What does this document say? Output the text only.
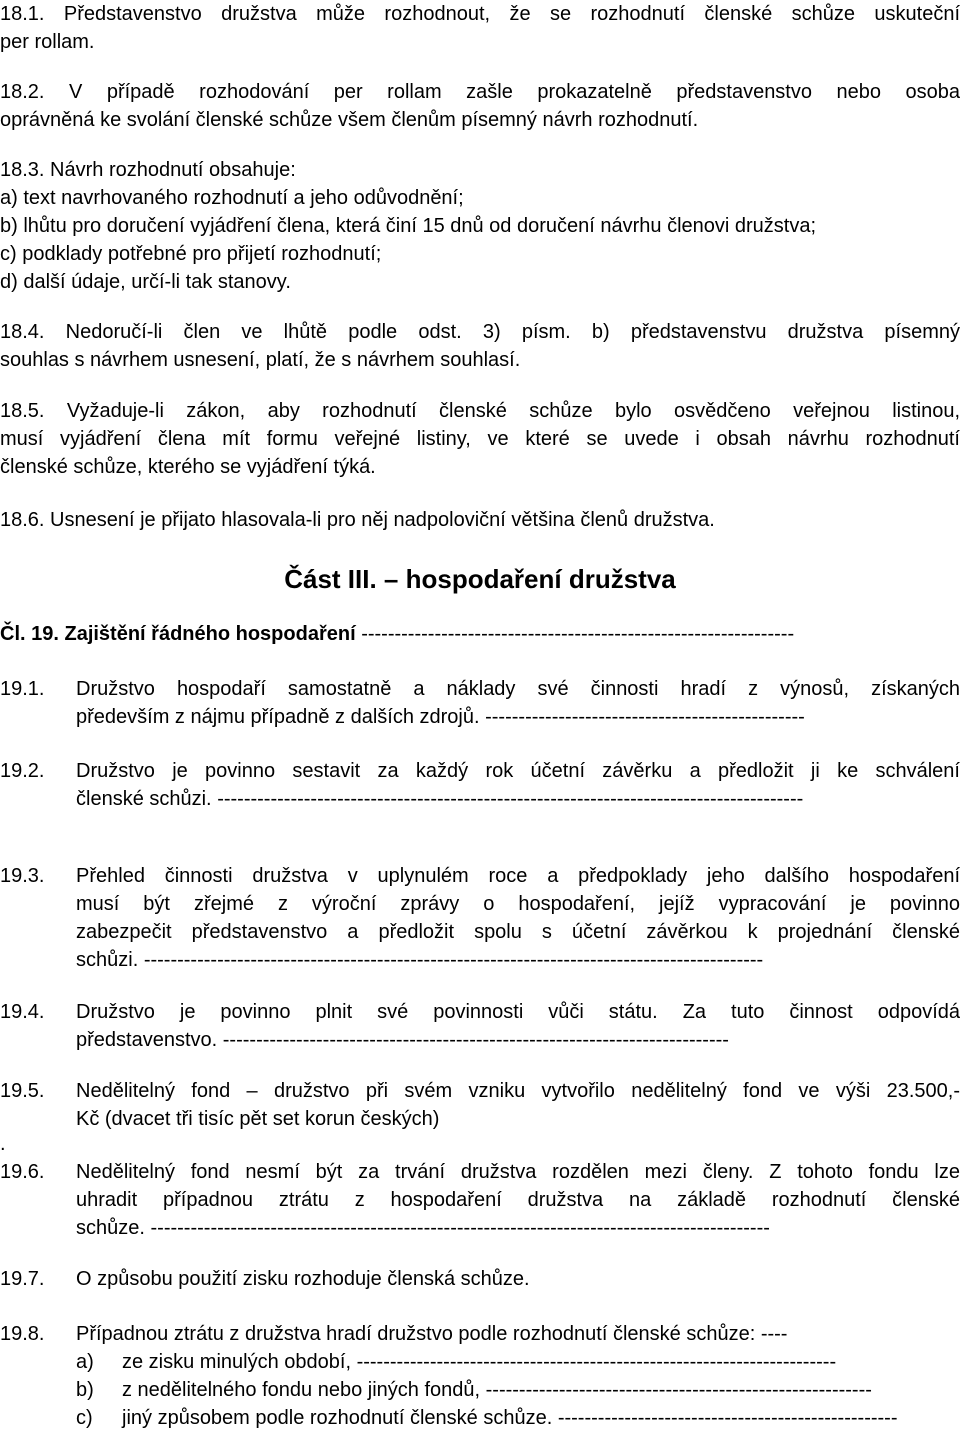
18.1. Představenstvo družstva může rozhodnout, že se rozhodnutí členské schůze uskuteční
per rollam.
18.2. V případě rozhodování per rollam zašle prokazatelně představenstvo nebo osoba
oprávněná ke svolání členské schůze všem členům písemný návrh rozhodnutí.
18.3. Návrh rozhodnutí obsahuje:
a) text navrhovaného rozhodnutí a jeho odůvodnění;
b) lhůtu pro doručení vyjádření člena, která činí 15 dnů od doručení návrhu členovi družstva;
c) podklady potřebné pro přijetí rozhodnutí;
d) další údaje, určí-li tak stanovy.
18.4. Nedoručí-li člen ve lhůtě podle odst. 3) písm. b) představenstvu družstva písemný
souhlas s návrhem usnesení, platí, že s návrhem souhlasí.
18.5. Vyžaduje-li zákon, aby rozhodnutí členské schůze bylo osvědčeno veřejnou listinou,
musí vyjádření člena mít formu veřejné listiny, ve které se uvede i obsah návrhu rozhodnutí
členské schůze, kterého se vyjádření týká.
18.6. Usnesení je přijato hlasovala-li pro něj nadpoloviční většina členů družstva.
Část III. – hospodaření družstva
Čl. 19. Zajištění řádného hospodaření -----------------------------------------------------------------
19.1.	Družstvo hospodaří samostatně a náklady své činnosti hradí z výnosů, získaných
především z nájmu případně z dalších zdrojů. ------------------------------------------------
19.2.	Družstvo je povinno sestavit za každý rok účetní závěrku a předložit ji ke schválení
členské schůzi. ----------------------------------------------------------------------------------------
19.3.	Přehled činnosti družstva v uplynulém roce a předpoklady jeho dalšího hospodaření
musí být zřejmé z výroční zprávy o hospodaření, jejíž vypracování je povinno
zabezpečit představenstvo a předložit spolu s účetní závěrkou k projednání členské
schůzi. ---------------------------------------------------------------------------------------------
19.4.	Družstvo je povinno plnit své povinnosti vůči státu. Za tuto činnost odpovídá
představenstvo. ----------------------------------------------------------------------------
19.5.	Nedělitelný fond – družstvo při svém vzniku vytvořilo nedělitelný fond ve výši 23.500,-
Kč (dvacet tři tisíc pět set korun českých)
.
19.6.	Nedělitelný fond nesmí být za trvání družstva rozdělen mezi členy. Z tohoto fondu lze
uhradit případnou ztrátu z hospodaření družstva na základě rozhodnutí členské
schůze. ---------------------------------------------------------------------------------------------
19.7.	O způsobu použití zisku rozhoduje členská schůze.
19.8.	Případnou ztrátu z družstva hradí družstvo podle rozhodnutí členské schůze: ----
a) ze zisku minulých období, ------------------------------------------------------------------------
b) z nedělitelného fondu nebo jiných fondů, ----------------------------------------------------------
c) jiný způsobem podle rozhodnutí členské schůze. ---------------------------------------------------
